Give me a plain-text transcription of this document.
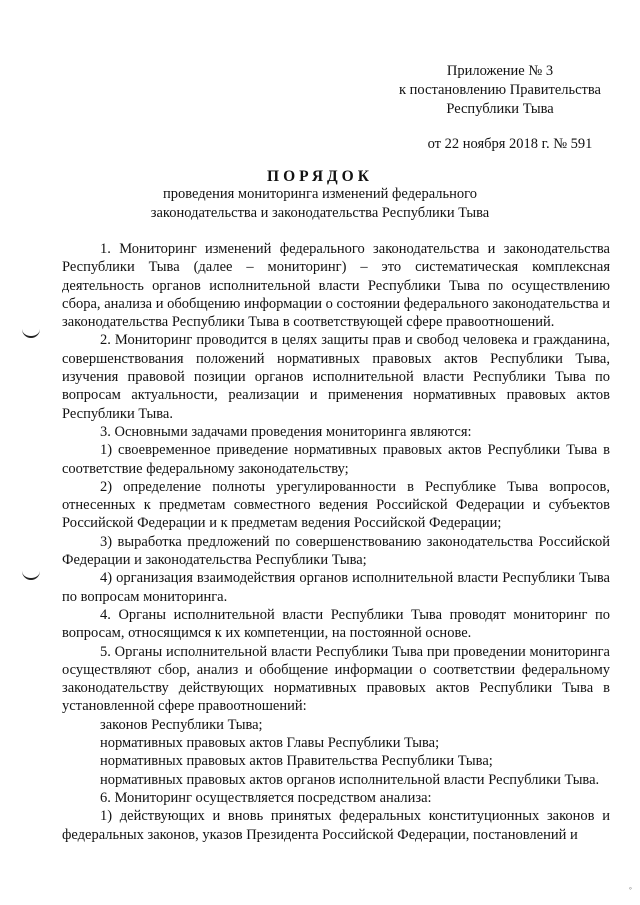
Приложение № 3
к постановлению Правительства
Республики Тыва
от 22 ноября 2018 г. № 591
ПОРЯДОК
проведения мониторинга изменений федерального
законодательства и законодательства Республики Тыва

1. Мониторинг изменений федерального законодательства и законодательства Республики Тыва (далее – мониторинг) – это систематическая комплексная деятельность органов исполнительной власти Республики Тыва по осуществлению сбора, анализа и обобщению информации о состоянии федерального законодательства и законодательства Республики Тыва в соответствующей сфере правоотношений.

2. Мониторинг проводится в целях защиты прав и свобод человека и гражданина, совершенствования положений нормативных правовых актов Республики Тыва, изучения правовой позиции органов исполнительной власти Республики Тыва по вопросам актуальности, реализации и применения нормативных правовых актов Республики Тыва.

3. Основными задачами проведения мониторинга являются:

1) своевременное приведение нормативных правовых актов Республики Тыва в соответствие федеральному законодательству;

2) определение полноты урегулированности в Республике Тыва вопросов, отнесенных к предметам совместного ведения Российской Федерации и субъектов Российской Федерации и к предметам ведения Российской Федерации;

3) выработка предложений по совершенствованию законодательства Российской Федерации и законодательства Республики Тыва;

4) организация взаимодействия органов исполнительной власти Республики Тыва по вопросам мониторинга.

4. Органы исполнительной власти Республики Тыва проводят мониторинг по вопросам, относящимся к их компетенции, на постоянной основе.

5. Органы исполнительной власти Республики Тыва при проведении мониторинга осуществляют сбор, анализ и обобщение информации о соответствии федеральному законодательству действующих нормативных правовых актов Республики Тыва в установленной сфере правоотношений:

законов Республики Тыва;

нормативных правовых актов Главы Республики Тыва;

нормативных правовых актов Правительства Республики Тыва;

нормативных правовых актов органов исполнительной власти Республики Тыва.

6. Мониторинг осуществляется посредством анализа:

1) действующих и вновь принятых федеральных конституционных законов и федеральных законов, указов Президента Российской Федерации, постановлений и

◦
